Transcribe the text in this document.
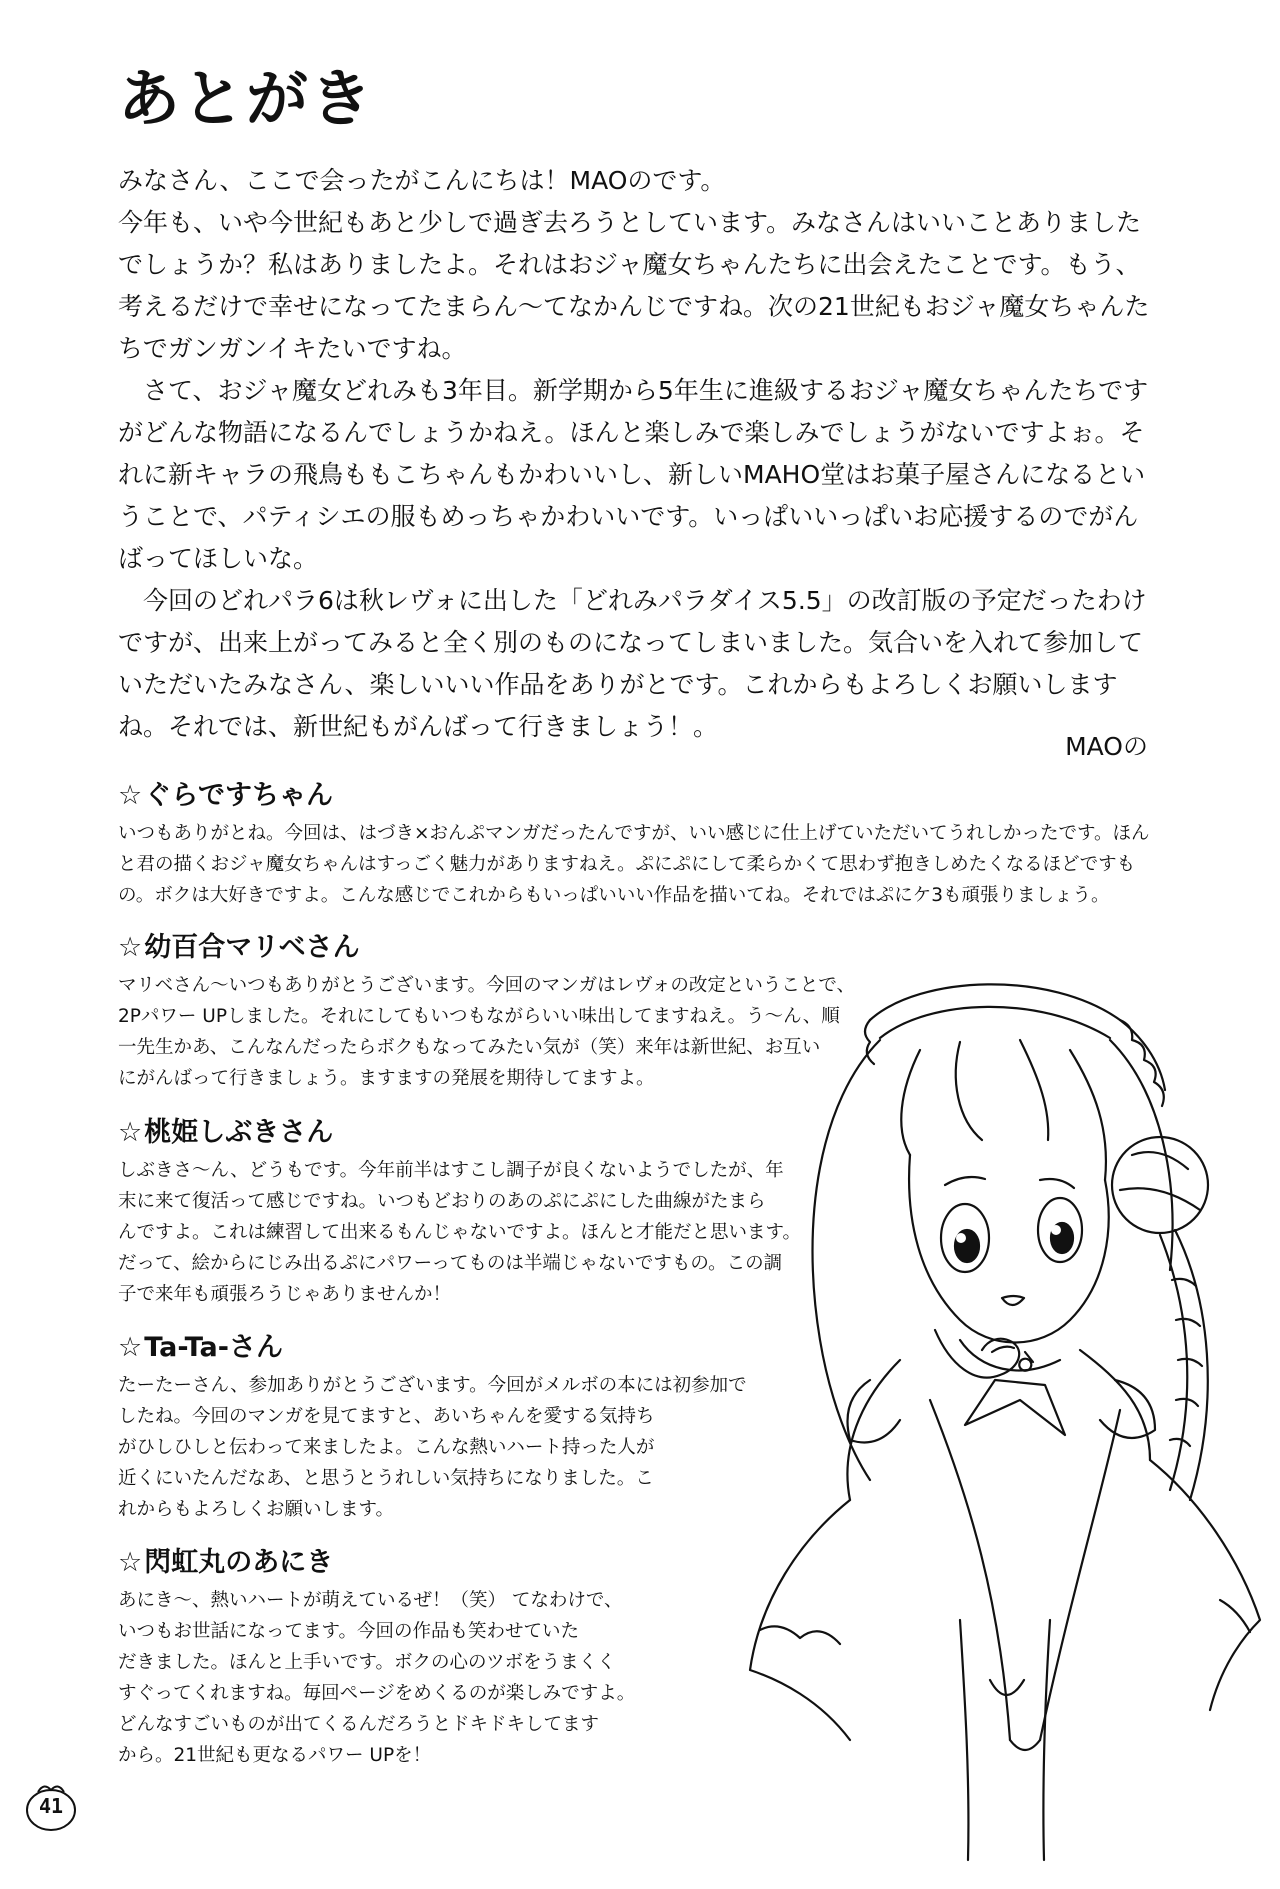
あとがき

みなさん、ここで会ったがこんにちは！MAOのです。

今年も、いや今世紀もあと少しで過ぎ去ろうとしています。みなさんはいいことありましたでしょうか？私はありましたよ。それはおジャ魔女ちゃんたちに出会えたことです。もう、考えるだけで幸せになってたまらん～てなかんじですね。次の21世紀もおジャ魔女ちゃんたちでガンガンイキたいですね。

さて、おジャ魔女どれみも3年目。新学期から5年生に進級するおジャ魔女ちゃんたちですがどんな物語になるんでしょうかねえ。ほんと楽しみで楽しみでしょうがないですよぉ。それに新キャラの飛鳥ももこちゃんもかわいいし、新しいMAHO堂はお菓子屋さんになるということで、パティシエの服もめっちゃかわいいです。いっぱいいっぱいお応援するのでがんばってほしいな。

今回のどれパラ6は秋レヴォに出した「どれみパラダイス5.5」の改訂版の予定だったわけですが、出来上がってみると全く別のものになってしまいました。気合いを入れて参加していただいたみなさん、楽しいいい作品をありがとです。これからもよろしくお願いしますね。それでは、新世紀もがんばって行きましょう！。

MAOの
☆ぐらですちゃん

いつもありがとね。今回は、はづき×おんぷマンガだったんですが、いい感じに仕上げていただいてうれしかったです。ほんと君の描くおジャ魔女ちゃんはすっごく魅力がありますねえ。ぷにぷにして柔らかくて思わず抱きしめたくなるほどですもの。ボクは大好きですよ。こんな感じでこれからもいっぱいいい作品を描いてね。それではぷにケ3も頑張りましょう。

☆幼百合マリベさん

マリベさん～いつもありがとうございます。今回のマンガはレヴォの改定ということで、

2Pパワー UPしました。それにしてもいつもながらいい味出してますねえ。う～ん、順

一先生かあ、こんなんだったらボクもなってみたい気が（笑）来年は新世紀、お互い

にがんばって行きましょう。ますますの発展を期待してますよ。

☆桃姫しぶきさん

しぶきさ～ん、どうもです。今年前半はすこし調子が良くないようでしたが、年

末に来て復活って感じですね。いつもどおりのあのぷにぷにした曲線がたまら

んですよ。これは練習して出来るもんじゃないですよ。ほんと才能だと思います。

だって、絵からにじみ出るぷにパワーってものは半端じゃないですもの。この調

子で来年も頑張ろうじゃありませんか！

☆Ta-Ta-さん

たーたーさん、参加ありがとうございます。今回がメルボの本には初参加で

したね。今回のマンガを見てますと、あいちゃんを愛する気持ち

がひしひしと伝わって来ましたよ。こんな熱いハート持った人が

近くにいたんだなあ、と思うとうれしい気持ちになりました。こ

れからもよろしくお願いします。

☆閃虹丸のあにき

あにき～、熱いハートが萌えているぜ！（笑） てなわけで、

いつもお世話になってます。今回の作品も笑わせていた

だきました。ほんと上手いです。ボクの心のツボをうまくく

すぐってくれますね。毎回ページをめくるのが楽しみですよ。

どんなすごいものが出てくるんだろうとドキドキしてます

から。21世紀も更なるパワー UPを！

41
